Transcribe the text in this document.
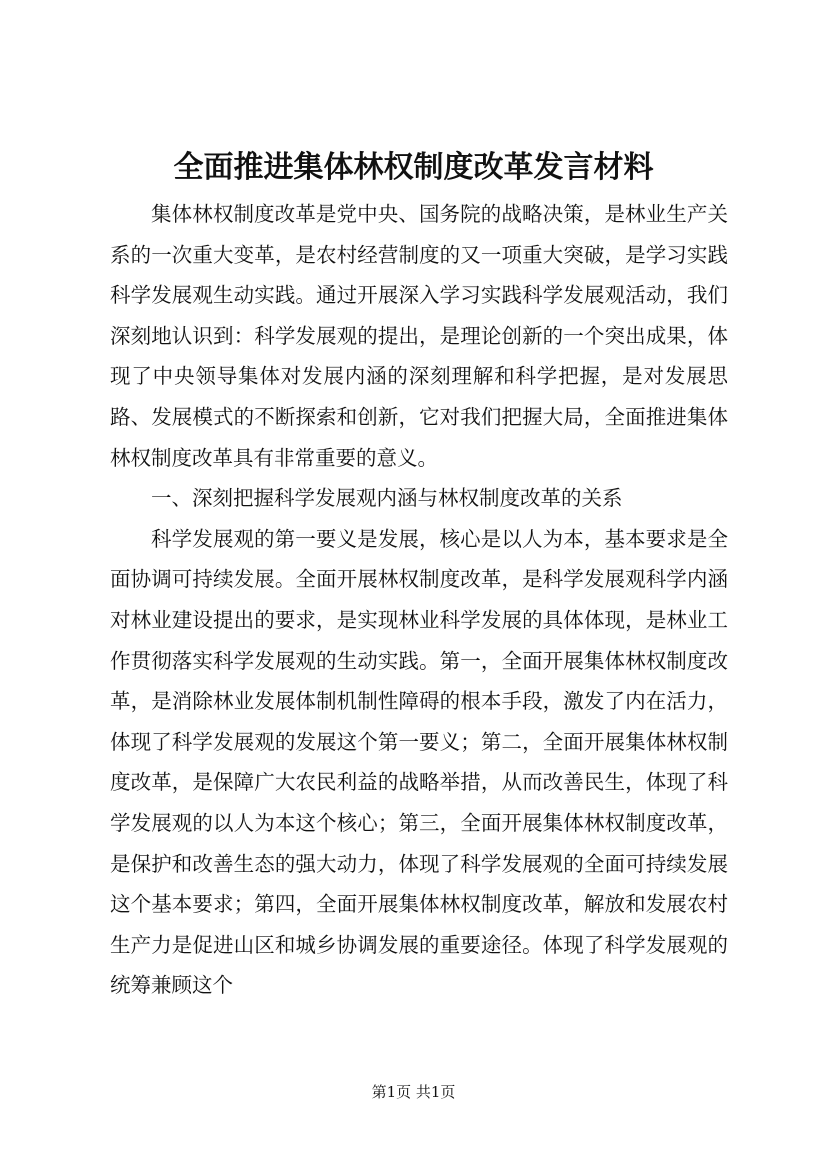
全面推进集体林权制度改革发言材料

集体林权制度改革是党中央、国务院的战略决策，是林业生产关系的一次重大变革，是农村经营制度的又一项重大突破，是学习实践科学发展观生动实践。通过开展深入学习实践科学发展观活动，我们深刻地认识到：科学发展观的提出，是理论创新的一个突出成果，体现了中央领导集体对发展内涵的深刻理解和科学把握，是对发展思路、发展模式的不断探索和创新，它对我们把握大局，全面推进集体林权制度改革具有非常重要的意义。

一、深刻把握科学发展观内涵与林权制度改革的关系

科学发展观的第一要义是发展，核心是以人为本，基本要求是全面协调可持续发展。全面开展林权制度改革，是科学发展观科学内涵对林业建设提出的要求，是实现林业科学发展的具体体现，是林业工作贯彻落实科学发展观的生动实践。第一，全面开展集体林权制度改革，是消除林业发展体制机制性障碍的根本手段，激发了内在活力，体现了科学发展观的发展这个第一要义；第二，全面开展集体林权制度改革，是保障广大农民利益的战略举措，从而改善民生，体现了科学发展观的以人为本这个核心；第三，全面开展集体林权制度改革，是保护和改善生态的强大动力，体现了科学发展观的全面可持续发展这个基本要求；第四，全面开展集体林权制度改革，解放和发展农村生产力是促进山区和城乡协调发展的重要途径。体现了科学发展观的统筹兼顾这个

第1页 共1页
